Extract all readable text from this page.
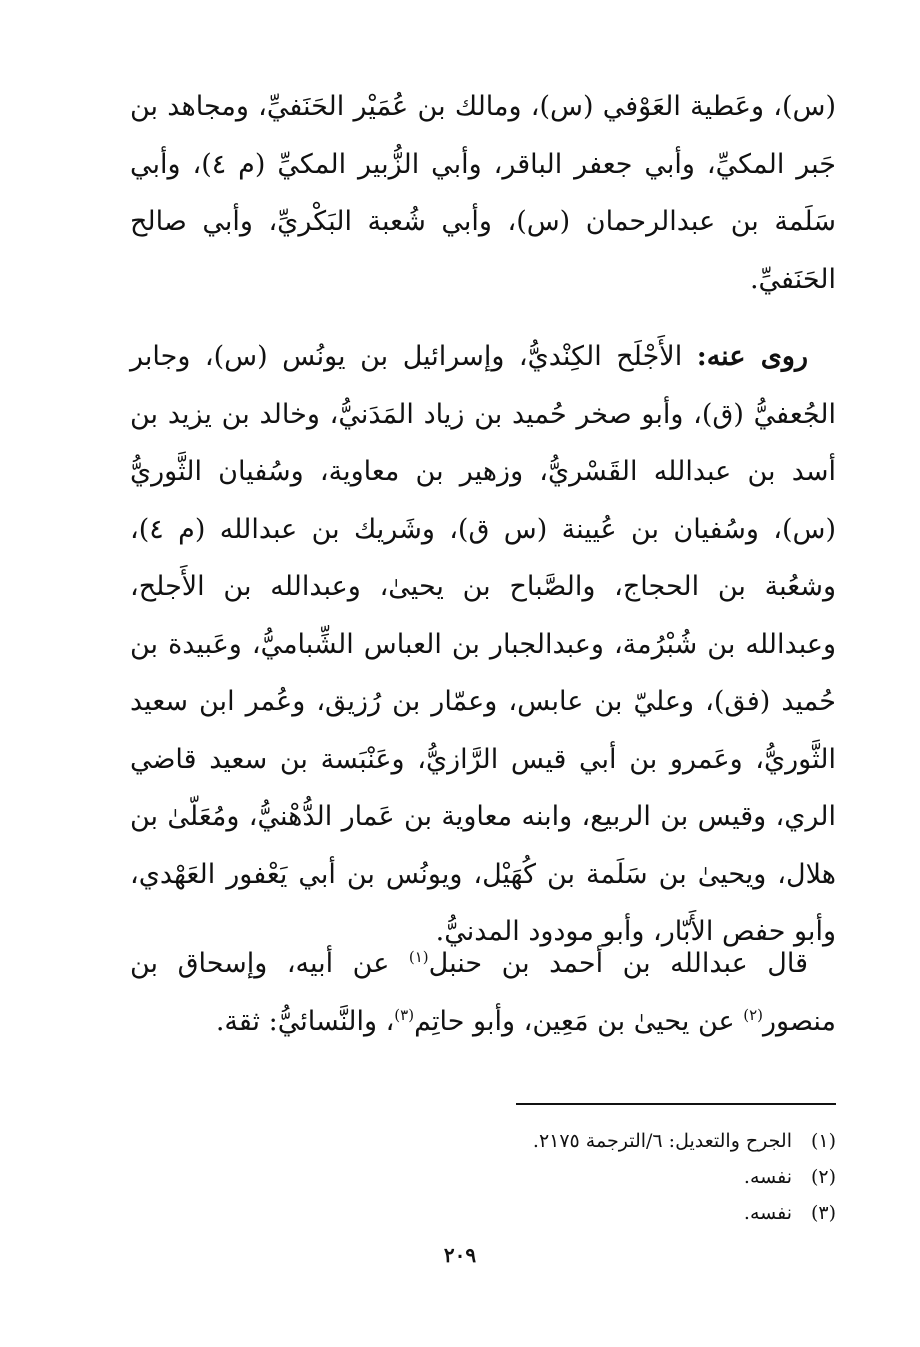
(س)، وعَطية العَوْفي (س)، ومالك بن عُمَيْر الحَنَفيِّ، ومجاهد بن جَبر المكيِّ، وأبي جعفر الباقر، وأبي الزُّبير المكيِّ (م ٤)، وأبي سَلَمة بن عبدالرحمان (س)، وأبي شُعبة البَكْريِّ، وأبي صالح الحَنَفيِّ.

روى عنه: الأَجْلَح الكِنْديُّ، وإسرائيل بن يونُس (س)، وجابر الجُعفيُّ (ق)، وأبو صخر حُميد بن زياد المَدَنيُّ، وخالد بن يزيد بن أسد بن عبدالله القَسْريُّ، وزهير بن معاوية، وسُفيان الثَّوريُّ (س)، وسُفيان بن عُيينة (س ق)، وشَريك بن عبدالله (م ٤)، وشعُبة بن الحجاج، والصَّباح بن يحيىٰ، وعبدالله بن الأَجلح، وعبدالله بن شُبْرُمة، وعبدالجبار بن العباس الشِّباميُّ، وعَبيدة بن حُميد (فق)، وعليّ بن عابس، وعمّار بن رُزيق، وعُمر ابن سعيد الثَّوريُّ، وعَمرو بن أبي قيس الرَّازيُّ، وعَنْبَسة بن سعيد قاضي الري، وقيس بن الربيع، وابنه معاوية بن عَمار الدُّهْنيُّ، ومُعَلّىٰ بن هلال، ويحيىٰ بن سَلَمة بن كُهَيْل، ويونُس بن أبي يَعْفور العَهْدي، وأبو حفص الأَبّار، وأبو مودود المدنيُّ.

قال عبدالله بن أحمد بن حنبل$^{(١)}$ عن أبيه، وإسحاق بن منصور$^{(٢)}$ عن يحيىٰ بن مَعِين، وأبو حاتِم$^{(٣)}$، والنَّسائيُّ: ثقة.

(١)الجرح والتعديل: ٦/الترجمة ٢١٧٥.
(٢)نفسه.
(٣)نفسه.
٢٠٩
